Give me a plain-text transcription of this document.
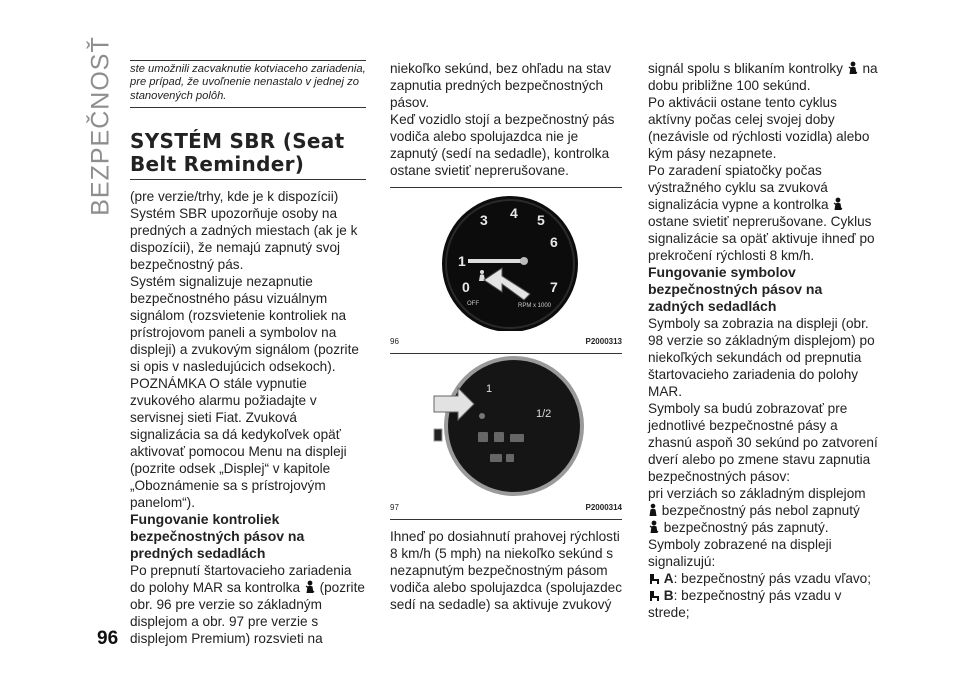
BEZPEČNOSŤ
96

ste umožnili zacvaknutie kotviaceho zariadenia, pre prípad, že uvoľnenie nenastalo v jednej zo stanovených polôh.

SYSTÉM SBR (Seat Belt Reminder)

(pre verzie/trhy, kde je k dispozícii) Systém SBR upozorňuje osoby na predných a zadných miestach (ak je k dispozícii), že nemajú zapnutý svoj bezpečnostný pás.

Systém signalizuje nezapnutie bezpečnostného pásu vizuálnym signálom (rozsvietenie kontroliek na prístrojovom paneli a symbolov na displeji) a zvukovým signálom (pozrite si opis v nasledujúcich odsekoch).

POZNÁMKA O stále vypnutie zvukového alarmu požiadajte v servisnej sieti Fiat. Zvuková signalizácia sa dá kedykoľvek opäť aktivovať pomocou Menu na displeji (pozrite odsek „Displej“ v kapitole „Oboznámenie sa s prístrojovým panelom“).

Fungovanie kontroliek bezpečnostných pásov na predných sedadlách

Po prepnutí štartovacieho zariadenia do polohy MAR sa kontrolka (pozrite obr. 96 pre verzie so základným displejom a obr. 97 pre verzie s displejom Premium) rozsvieti na

niekoľko sekúnd, bez ohľadu na stav zapnutia predných bezpečnostných pásov.

Keď vozidlo stojí a bezpečnostný pás vodiča alebo spolujazdca nie je zapnutý (sedí na sedadle), kontrolka ostane svietiť neprerušovane.

3 4 5
6
1
0	7
OFF	RPM x 1000
96	P2000313
1
1/2
97	P2000314

Ihneď po dosiahnutí prahovej rýchlosti 8 km/h (5 mph) na niekoľko sekúnd s nezapnutým bezpečnostným pásom vodiča alebo spolujazdca (spolujazdec sedí na sedadle) sa aktivuje zvukový

signál spolu s blikaním kontrolky na dobu približne 100 sekúnd.

Po aktivácii ostane tento cyklus aktívny počas celej svojej doby (nezávisle od rýchlosti vozidla) alebo kým pásy nezapnete.

Po zaradení spiatočky počas výstražného cyklu sa zvuková signalizácia vypne a kontrolka  ostane svietiť neprerušovane. Cyklus signalizácie sa opäť aktivuje ihneď po prekročení rýchlosti 8 km/h.

Fungovanie symbolov bezpečnostných pásov na zadných sedadlách

Symboly sa zobrazia na displeji (obr. 98 verzie so základným displejom) po niekoľkých sekundách od prepnutia štartovacieho zariadenia do polohy MAR.

Symboly sa budú zobrazovať pre jednotlivé bezpečnostné pásy a zhasnú aspoň 30 sekúnd po zatvorení dverí alebo po zmene stavu zapnutia bezpečnostných pásov:

pri verziách so základným displejom

bezpečnostný pás nebol zapnutý

bezpečnostný pás zapnutý.

Symboly zobrazené na displeji signalizujú:

A: bezpečnostný pás vzadu vľavo;

B: bezpečnostný pás vzadu v strede;
